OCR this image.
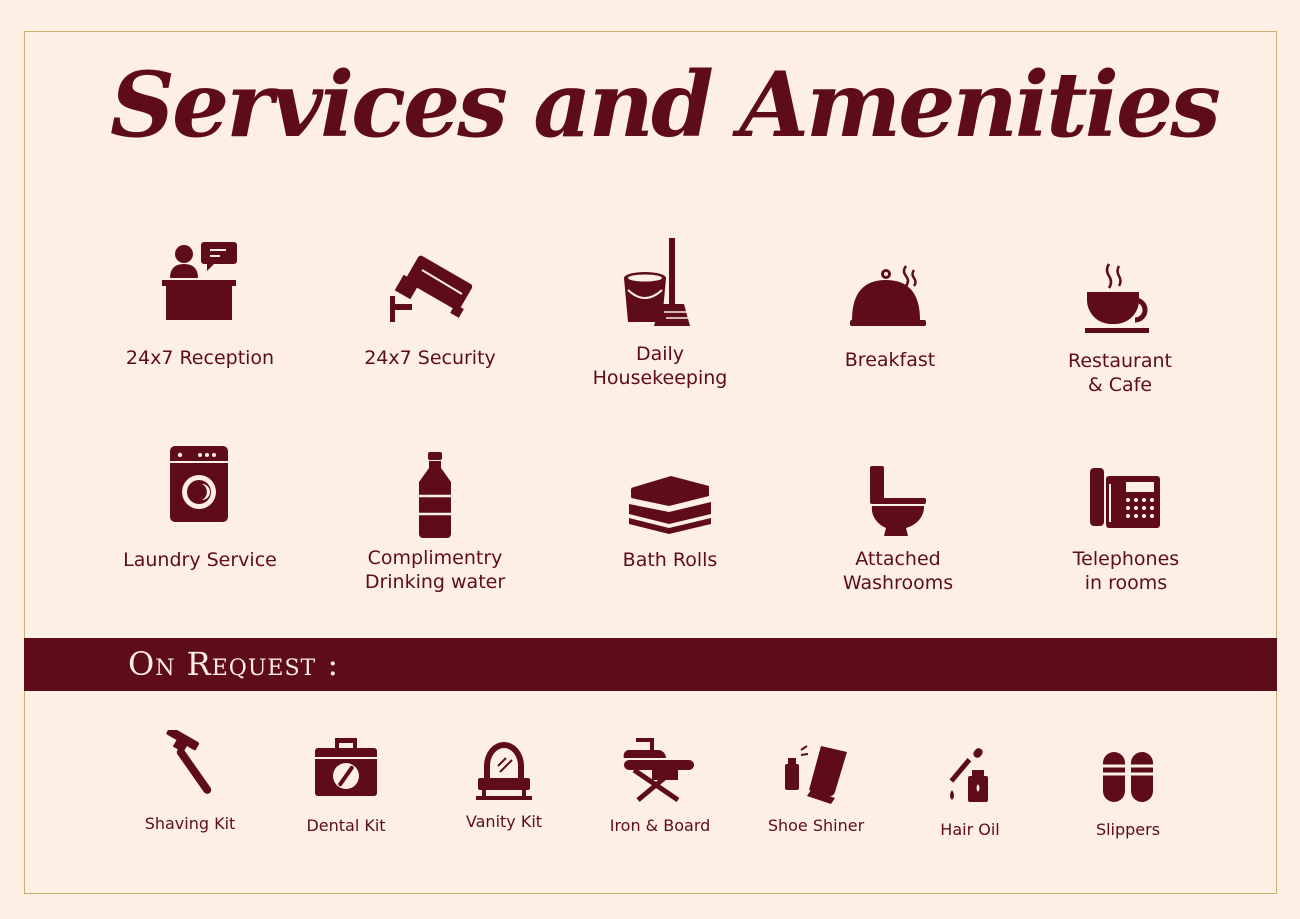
Services and Amenities
24x7 Reception	24x7 Security	Daily
Housekeeping
Breakfast	Restaurant
& Cafe
Laundry Service	Complimentry
Drinking water
Bath Rolls	Attached
Washrooms
Telephones
in rooms
On Request :
Shaving Kit	Dental Kit	Vanity Kit	Iron & Board	Shoe Shiner	Hair Oil	Slippers
